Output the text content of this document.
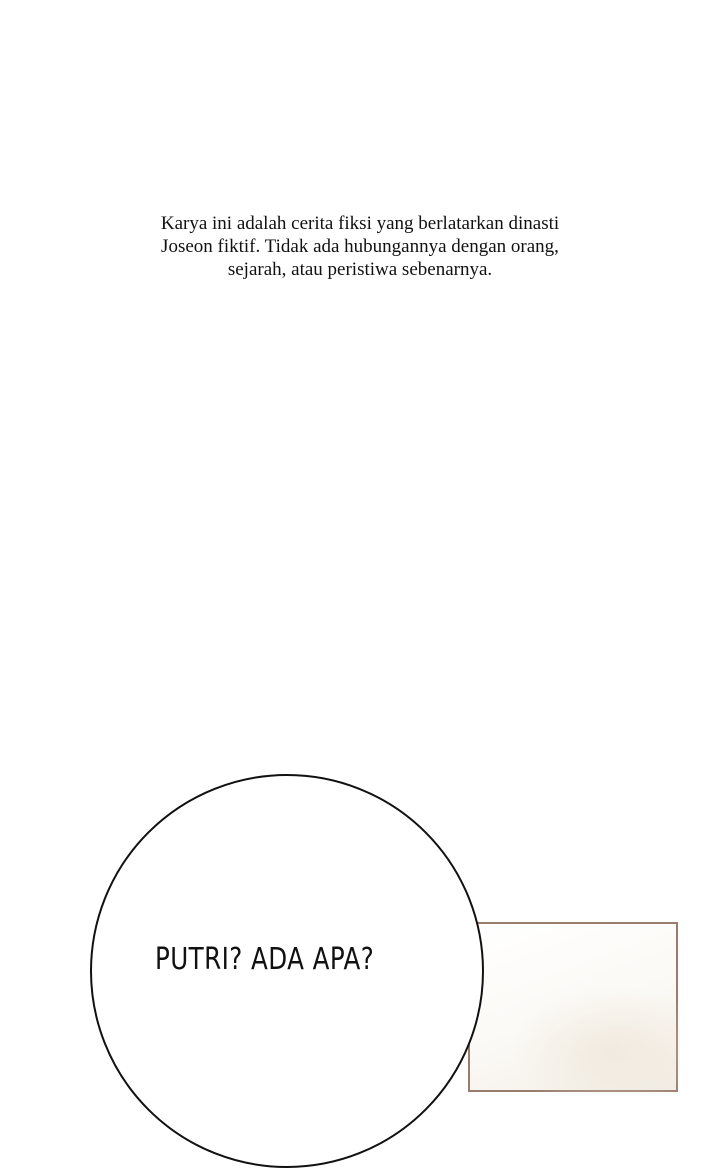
Karya ini adalah cerita fiksi yang berlatarkan dinasti
Joseon fiktif. Tidak ada hubungannya dengan orang,
sejarah, atau peristiwa sebenarnya.
PUTRI? ADA APA?
